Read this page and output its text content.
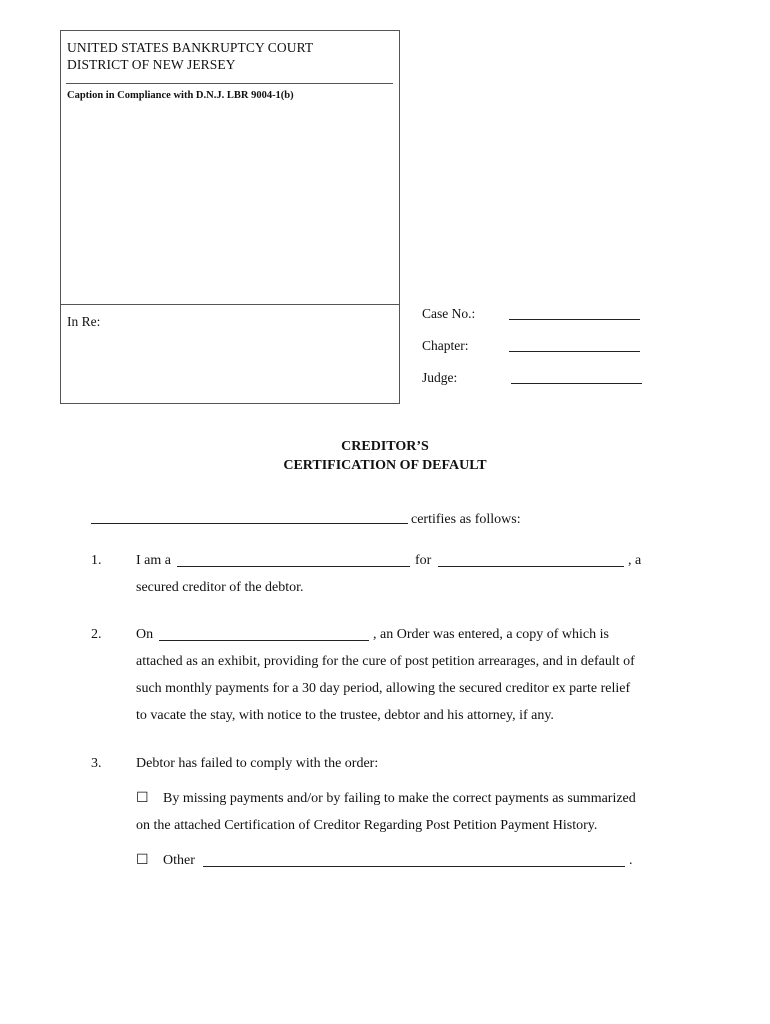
UNITED STATES BANKRUPTCY COURT
DISTRICT OF NEW JERSEY
Caption in Compliance with D.N.J. LBR 9004-1(b)
In Re:
Case No.:
Chapter:
Judge:
CREDITOR’S
CERTIFICATION OF DEFAULT
certifies as follows:
1. I am a	for	, a
secured creditor of the debtor.
2. On	, an Order was entered, a copy of which is
attached as an exhibit, providing for the cure of post petition arrearages, and in default of
such monthly payments for a 30 day period, allowing the secured creditor ex parte relief
to vacate the stay, with notice to the trustee, debtor and his attorney, if any.
3. Debtor has failed to comply with the order:
☐ By missing payments and/or by failing to make the correct payments as summarized
on the attached Certification of Creditor Regarding Post Petition Payment History.
☐ Other	.
